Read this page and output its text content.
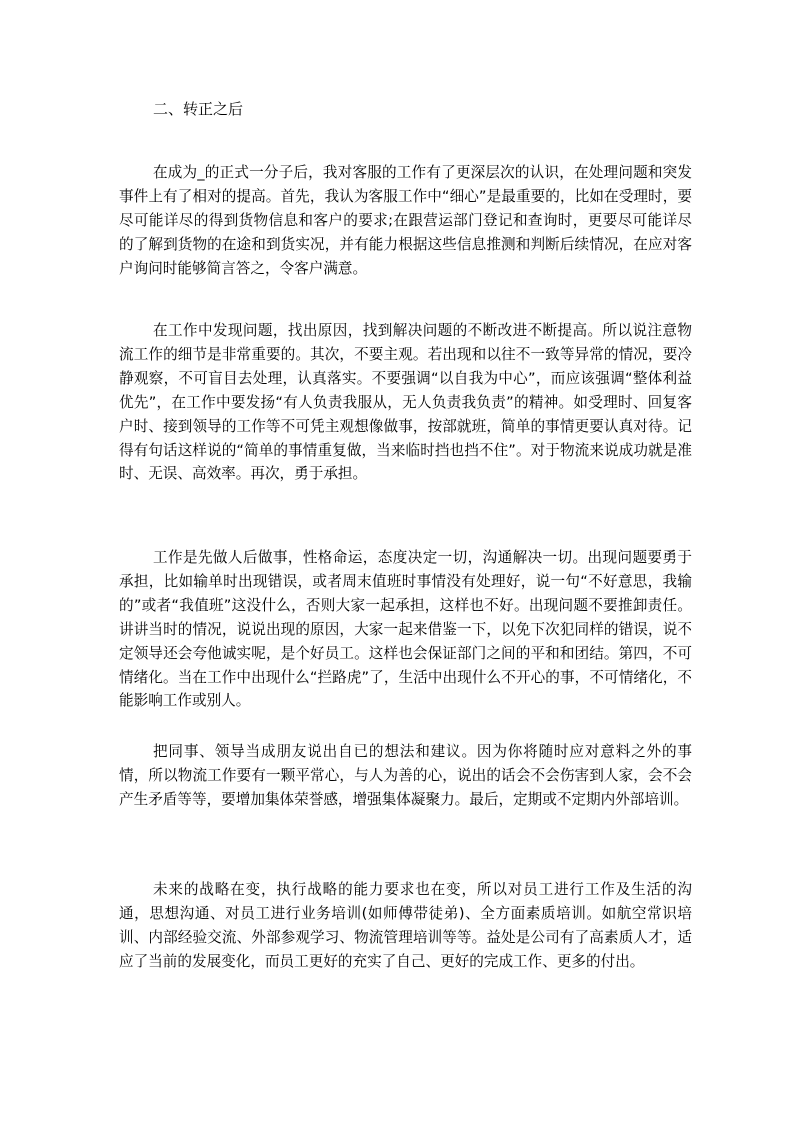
二、转正之后

在成为_的正式一分子后，我对客服的工作有了更深层次的认识，在处理问题和突发事件上有了相对的提高。首先，我认为客服工作中“细心”是最重要的，比如在受理时，要尽可能详尽的得到货物信息和客户的要求;在跟营运部门登记和查询时，更要尽可能详尽的了解到货物的在途和到货实况，并有能力根据这些信息推测和判断后续情况，在应对客户询问时能够简言答之，令客户满意。

在工作中发现问题，找出原因，找到解决问题的不断改进不断提高。所以说注意物流工作的细节是非常重要的。其次，不要主观。若出现和以往不一致等异常的情况，要冷静观察，不可盲目去处理，认真落实。不要强调“以自我为中心”，而应该强调“整体利益优先”，在工作中要发扬“有人负责我服从，无人负责我负责”的精神。如受理时、回复客户时、接到领导的工作等不可凭主观想像做事，按部就班，简单的事情更要认真对待。记得有句话这样说的“简单的事情重复做，当来临时挡也挡不住”。对于物流来说成功就是准时、无误、高效率。再次，勇于承担。

工作是先做人后做事，性格命运，态度决定一切，沟通解决一切。出现问题要勇于承担，比如输单时出现错误，或者周末值班时事情没有处理好，说一句“不好意思，我输的”或者“我值班”这没什么，否则大家一起承担，这样也不好。出现问题不要推卸责任。讲讲当时的情况，说说出现的原因，大家一起来借鉴一下，以免下次犯同样的错误，说不定领导还会夸他诚实呢，是个好员工。这样也会保证部门之间的平和和团结。第四，不可情绪化。当在工作中出现什么“拦路虎”了，生活中出现什么不开心的事，不可情绪化，不能影响工作或别人。

把同事、领导当成朋友说出自已的想法和建议。因为你将随时应对意料之外的事情，所以物流工作要有一颗平常心，与人为善的心，说出的话会不会伤害到人家，会不会产生矛盾等等，要增加集体荣誉感，增强集体凝聚力。最后，定期或不定期内外部培训。

未来的战略在变，执行战略的能力要求也在变，所以对员工进行工作及生活的沟通，思想沟通、对员工进行业务培训(如师傅带徒弟)、全方面素质培训。如航空常识培训、内部经验交流、外部参观学习、物流管理培训等等。益处是公司有了高素质人才，适应了当前的发展变化，而员工更好的充实了自己、更好的完成工作、更多的付出。
